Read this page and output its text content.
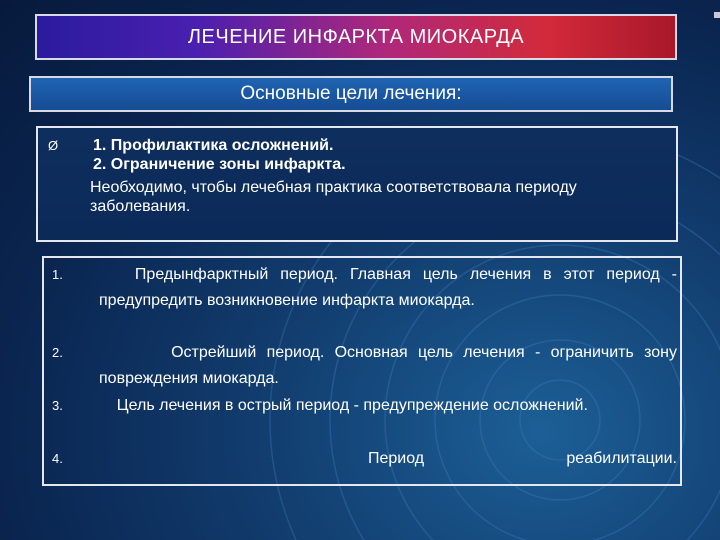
ЛЕЧЕНИЕ ИНФАРКТА МИОКАРДА
Основные цели лечения:
Ø 1. Профилактика осложнений.
2. Ограничение зоны инфаркта.
Необходимо, чтобы лечебная практика соответствовала периоду заболевания.
1.	Предынфарктный период. Главная цель лечения в этот период - предупредить возникновение инфаркта миокарда.
2.	Острейший период. Основная цель лечения - ограничить зону повреждения миокарда.
3.	Цель лечения в острый период - предупреждение осложнений.
4.	Период	реабилитации.
